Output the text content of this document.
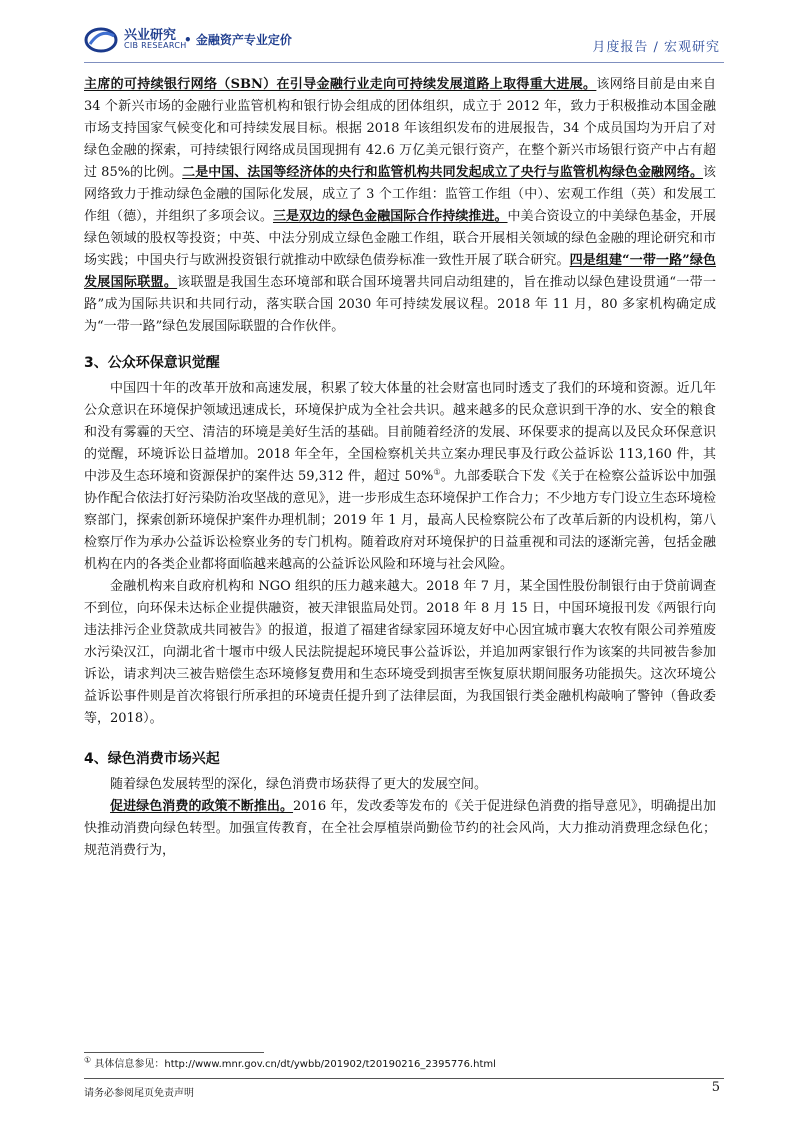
兴业研究
CIB RESEARCH
• 金融资产专业定价	月度报告 / 宏观研究

主席的可持续银行网络（SBN）在引导金融行业走向可持续发展道路上取得重大进展。该网络目前是由来自 34 个新兴市场的金融行业监管机构和银行协会组成的团体组织，成立于 2012 年，致力于积极推动本国金融市场支持国家气候变化和可持续发展目标。根据 2018 年该组织发布的进展报告，34 个成员国均为开启了对绿色金融的探索，可持续银行网络成员国现拥有 42.6 万亿美元银行资产，在整个新兴市场银行资产中占有超过 85%的比例。二是中国、法国等经济体的央行和监管机构共同发起成立了央行与监管机构绿色金融网络。该网络致力于推动绿色金融的国际化发展，成立了 3 个工作组：监管工作组（中）、宏观工作组（英）和发展工作组（德），并组织了多项会议。三是双边的绿色金融国际合作持续推进。中美合资设立的中美绿色基金，开展绿色领域的股权等投资；中英、中法分别成立绿色金融工作组，联合开展相关领域的绿色金融的理论研究和市场实践；中国央行与欧洲投资银行就推动中欧绿色债券标准一致性开展了联合研究。四是组建“一带一路”绿色发展国际联盟。该联盟是我国生态环境部和联合国环境署共同启动组建的，旨在推动以绿色建设贯通“一带一路”成为国际共识和共同行动，落实联合国 2030 年可持续发展议程。2018 年 11 月，80 多家机构确定成为“一带一路”绿色发展国际联盟的合作伙伴。

3、公众环保意识觉醒

中国四十年的改革开放和高速发展，积累了较大体量的社会财富也同时透支了我们的环境和资源。近几年公众意识在环境保护领域迅速成长，环境保护成为全社会共识。越来越多的民众意识到干净的水、安全的粮食和没有雾霾的天空、清洁的环境是美好生活的基础。目前随着经济的发展、环保要求的提高以及民众环保意识的觉醒，环境诉讼日益增加。2018 年全年，全国检察机关共立案办理民事及行政公益诉讼 113,160 件，其中涉及生态环境和资源保护的案件达 59,312 件，超过 50%①。九部委联合下发《关于在检察公益诉讼中加强协作配合依法打好污染防治攻坚战的意见》，进一步形成生态环境保护工作合力；不少地方专门设立生态环境检察部门，探索创新环境保护案件办理机制；2019 年 1 月，最高人民检察院公布了改革后新的内设机构，第八检察厅作为承办公益诉讼检察业务的专门机构。随着政府对环境保护的日益重视和司法的逐渐完善，包括金融机构在内的各类企业都将面临越来越高的公益诉讼风险和环境与社会风险。

金融机构来自政府机构和 NGO 组织的压力越来越大。2018 年 7 月，某全国性股份制银行由于贷前调查不到位，向环保未达标企业提供融资，被天津银监局处罚。2018 年 8 月 15 日，中国环境报刊发《两银行向违法排污企业贷款成共同被告》的报道，报道了福建省绿家园环境友好中心因宜城市襄大农牧有限公司养殖废水污染汉江，向湖北省十堰市中级人民法院提起环境民事公益诉讼，并追加两家银行作为该案的共同被告参加诉讼，请求判决三被告赔偿生态环境修复费用和生态环境受到损害至恢复原状期间服务功能损失。这次环境公益诉讼事件则是首次将银行所承担的环境责任提升到了法律层面，为我国银行类金融机构敲响了警钟（鲁政委等，2018）。

4、绿色消费市场兴起

随着绿色发展转型的深化，绿色消费市场获得了更大的发展空间。

促进绿色消费的政策不断推出。2016 年，发改委等发布的《关于促进绿色消费的指导意见》，明确提出加快推动消费向绿色转型。加强宣传教育，在全社会厚植崇尚勤俭节约的社会风尚，大力推动消费理念绿色化；规范消费行为，

① 具体信息参见：http://www.mnr.gov.cn/dt/ywbb/201902/t20190216_2395776.html
请务必参阅尾页免责声明	5
